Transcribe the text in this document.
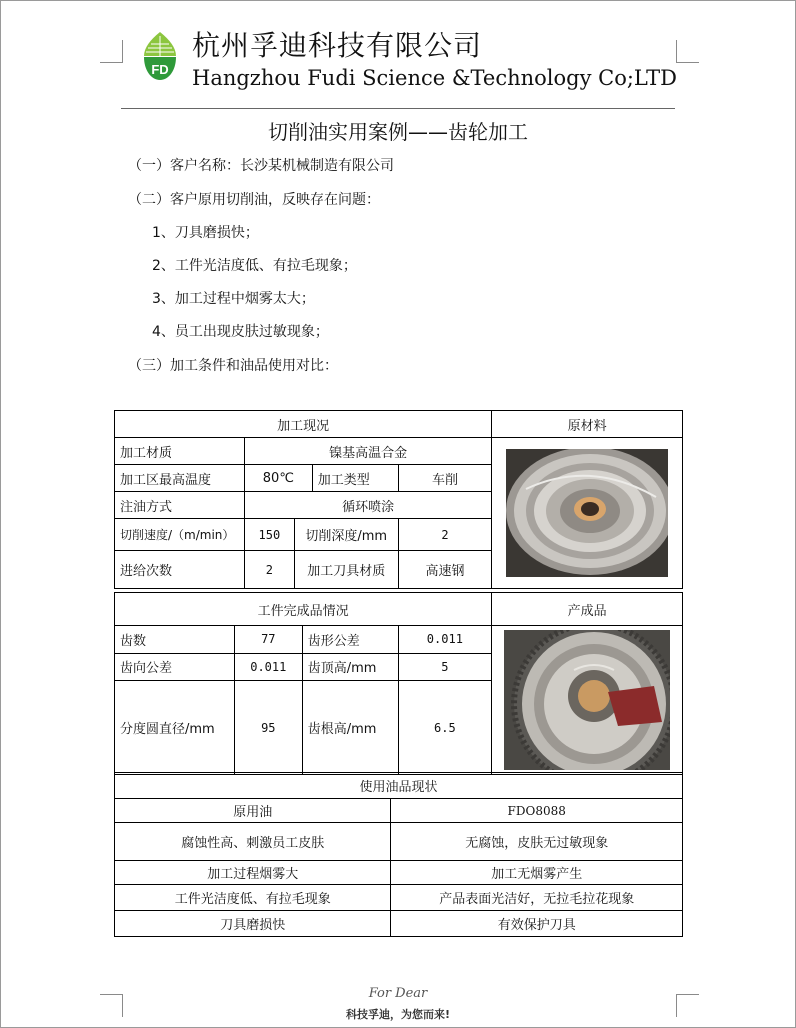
FD
杭州孚迪科技有限公司
Hangzhou Fudi Science &Technology Co;LTD
切削油实用案例——齿轮加工
（一）客户名称：长沙某机械制造有限公司
（二）客户原用切削油，反映存在问题：
1、刀具磨损快；
2、工件光洁度低、有拉毛现象；
3、加工过程中烟雾太大；
4、员工出现皮肤过敏现象；
（三）加工条件和油品使用对比：
加工现况					原材料
加工材质	镍基高温合金	

加工区最高温度	80℃		加工类型	车削	
注油方式	循环喷涂				
切削速度/（m/min）	150	切削深度/mm		2	
进给次数	2	加工刀具材质		高速钢	
工件完成品情况				产成品
齿数	77	齿形公差	0.011	

齿向公差	0.011	齿顶高/mm	5	
分度圆直径/mm	95	齿根高/mm	6.5	
使用油品现状	
原用油	FDO8088
腐蚀性高、刺激员工皮肤	无腐蚀，皮肤无过敏现象
加工过程烟雾大	加工无烟雾产生
工件光洁度低、有拉毛现象	产品表面光洁好，无拉毛拉花现象
刀具磨损快	有效保护刀具
For Dear
科技孚迪，为您而来!
